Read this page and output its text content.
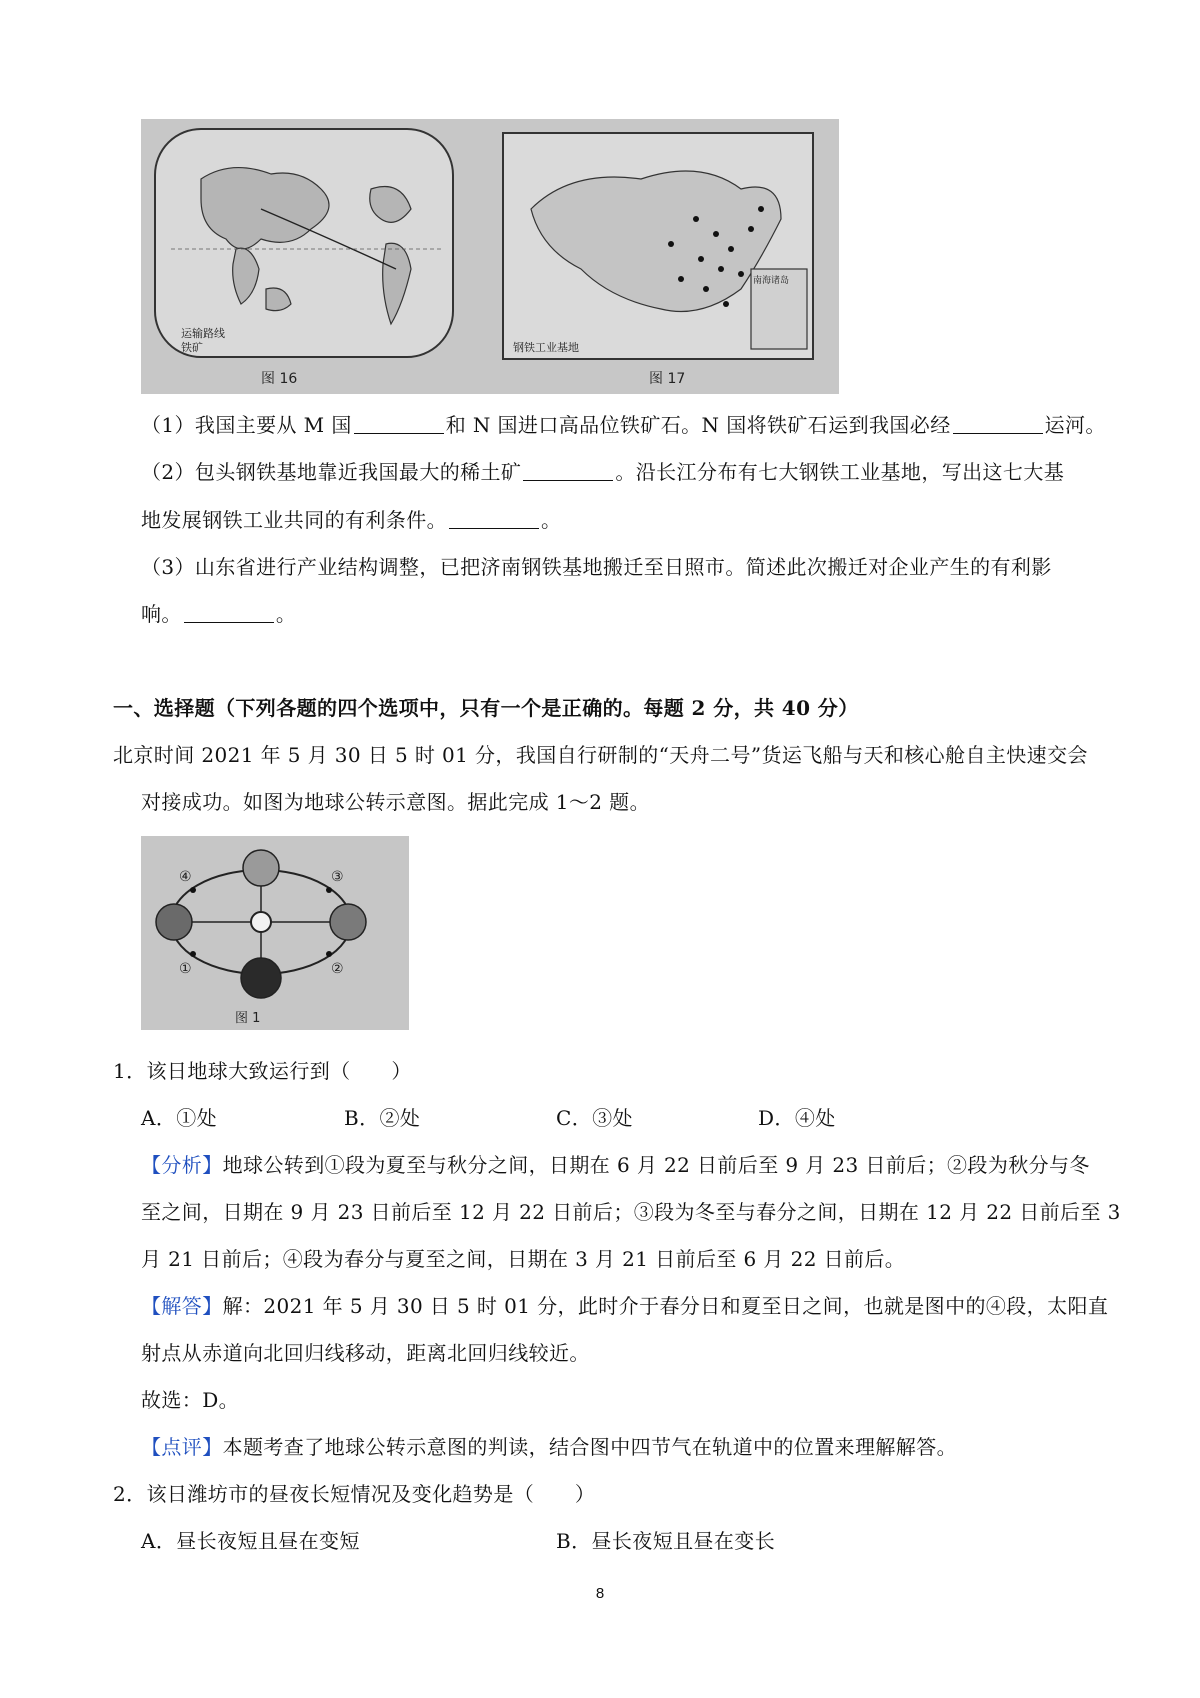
运输路线
铁矿
图 16
南海诸岛
钢铁工业基地
图 17
（1）我国主要从 M 国	和 N 国进口高品位铁矿石。N 国将铁矿石运到我国必经	运河。
（2）包头钢铁基地靠近我国最大的稀土矿	。沿长江分布有七大钢铁工业基地，写出这七大基
地发展钢铁工业共同的有利条件。	。
（3）山东省进行产业结构调整，已把济南钢铁基地搬迁至日照市。简述此次搬迁对企业产生的有利影
响。	。
一、选择题（下列各题的四个选项中，只有一个是正确的。每题 2 分，共 40 分）
北京时间 2021 年 5 月 30 日 5 时 01 分，我国自行研制的“天舟二号”货运飞船与天和核心舱自主快速交会
对接成功。如图为地球公转示意图。据此完成 1～2 题。
④	③
①	②
图 1
1．该日地球大致运行到（　　）
A．①处	B．②处	C．③处	D．④处
【分析】地球公转到①段为夏至与秋分之间，日期在 6 月 22 日前后至 9 月 23 日前后；②段为秋分与冬
至之间，日期在 9 月 23 日前后至 12 月 22 日前后；③段为冬至与春分之间，日期在 12 月 22 日前后至 3
月 21 日前后；④段为春分与夏至之间，日期在 3 月 21 日前后至 6 月 22 日前后。
【解答】解：2021 年 5 月 30 日 5 时 01 分，此时介于春分日和夏至日之间，也就是图中的④段，太阳直
射点从赤道向北回归线移动，距离北回归线较近。
故选：D。
【点评】本题考查了地球公转示意图的判读，结合图中四节气在轨道中的位置来理解解答。
2．该日潍坊市的昼夜长短情况及变化趋势是（　　）
A．昼长夜短且昼在变短	B．昼长夜短且昼在变长
8
